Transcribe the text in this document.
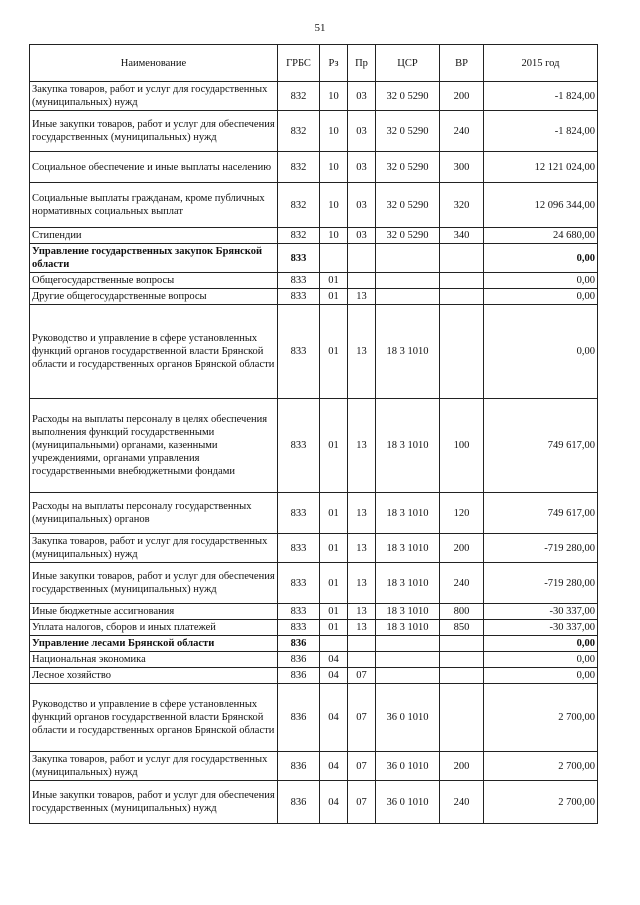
51
Наименование	ГРБС	Рз	Пр	ЦСР	ВР	2015 год
Закупка товаров, работ и услуг для государственных (муниципальных) нужд	832	10	03	32 0 5290	200	-1 824,00
Иные закупки товаров, работ и услуг для обеспечения государственных (муниципальных) нужд	832	10	03	32 0 5290	240	-1 824,00
Социальное обеспечение и иные выплаты населению	832	10	03	32 0 5290	300	12 121 024,00
Социальные выплаты гражданам, кроме публичных нормативных социальных выплат	832	10	03	32 0 5290	320	12 096 344,00
Стипендии	832	10	03	32 0 5290	340	24 680,00
Управление государственных закупок Брянской области	833					0,00
Общегосударственные вопросы	833	01				0,00
Другие общегосударственные вопросы	833	01	13			0,00
Руководство и управление в сфере установленных функций органов государственной власти Брянской области и государственных органов Брянской области	833	01	13	18 3 1010		0,00
Расходы на выплаты персоналу в целях обеспечения выполнения функций государственными (муниципальными) органами, казенными учреждениями, органами управления государственными внебюджетными фондами	833	01	13	18 3 1010	100	749 617,00
Расходы на выплаты персоналу государственных (муниципальных) органов	833	01	13	18 3 1010	120	749 617,00
Закупка товаров, работ и услуг для государственных (муниципальных) нужд	833	01	13	18 3 1010	200	-719 280,00
Иные закупки товаров, работ и услуг для обеспечения государственных (муниципальных) нужд	833	01	13	18 3 1010	240	-719 280,00
Иные бюджетные ассигнования	833	01	13	18 3 1010	800	-30 337,00
Уплата налогов, сборов и иных платежей	833	01	13	18 3 1010	850	-30 337,00
Управление лесами Брянской области	836					0,00
Национальная экономика	836	04				0,00
Лесное хозяйство	836	04	07			0,00
Руководство и управление в сфере установленных функций органов государственной власти Брянской области и государственных органов Брянской области	836	04	07	36 0 1010		2 700,00
Закупка товаров, работ и услуг для государственных (муниципальных) нужд	836	04	07	36 0 1010	200	2 700,00
Иные закупки товаров, работ и услуг для обеспечения государственных (муниципальных) нужд	836	04	07	36 0 1010	240	2 700,00
